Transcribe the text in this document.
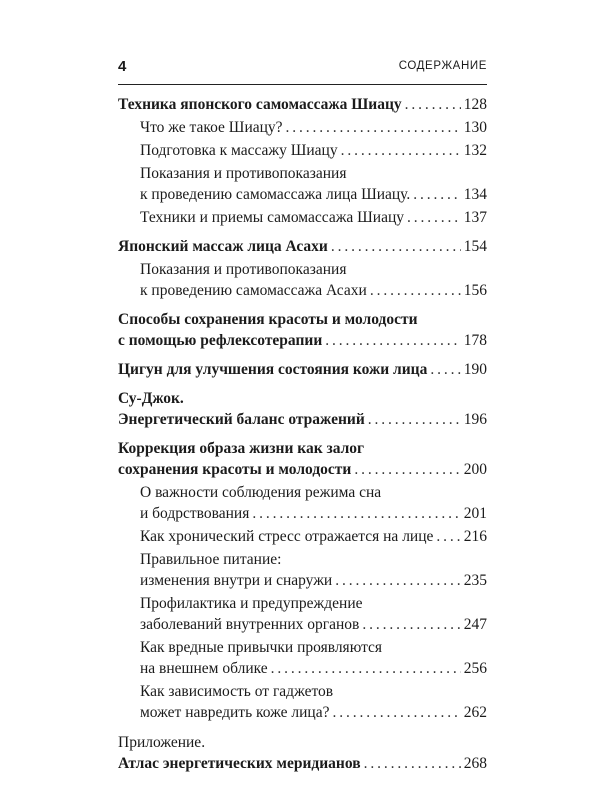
4	СОДЕРЖАНИЕ
Техника японского самомассажа Шиацу . . .	128
Что же такое Шиацу? . . .	130
Подготовка к массажу Шиацу . . .	132
Показания и противопоказания
к проведению самомассажа лица Шиацу. . . .	134
Техники и приемы самомассажа Шиацу . . .	137
Японский массаж лица Асахи . . .	154
Показания и противопоказания
к проведению самомассажа Асахи . . .	156
Способы сохранения красоты и молодости
с помощью рефлексотерапии . . .	178
Цигун для улучшения состояния кожи лица . . . 190
Су-Джок.
Энергетический баланс отражений . . .	196
Коррекция образа жизни как залог
сохранения красоты и молодости . . .	200
О важности соблюдения режима сна
и бодрствования . . .	201
Как хронический стресс отражается на лице . . . 216
Правильное питание:
изменения внутри и снаружи . . .	235
Профилактика и предупреждение
заболеваний внутренних органов . . .	247
Как вредные привычки проявляются
на внешнем облике . . .	256
Как зависимость от гаджетов
может навредить коже лица? . . .	262
Приложение.
Атлас энергетических меридианов . . .	268
